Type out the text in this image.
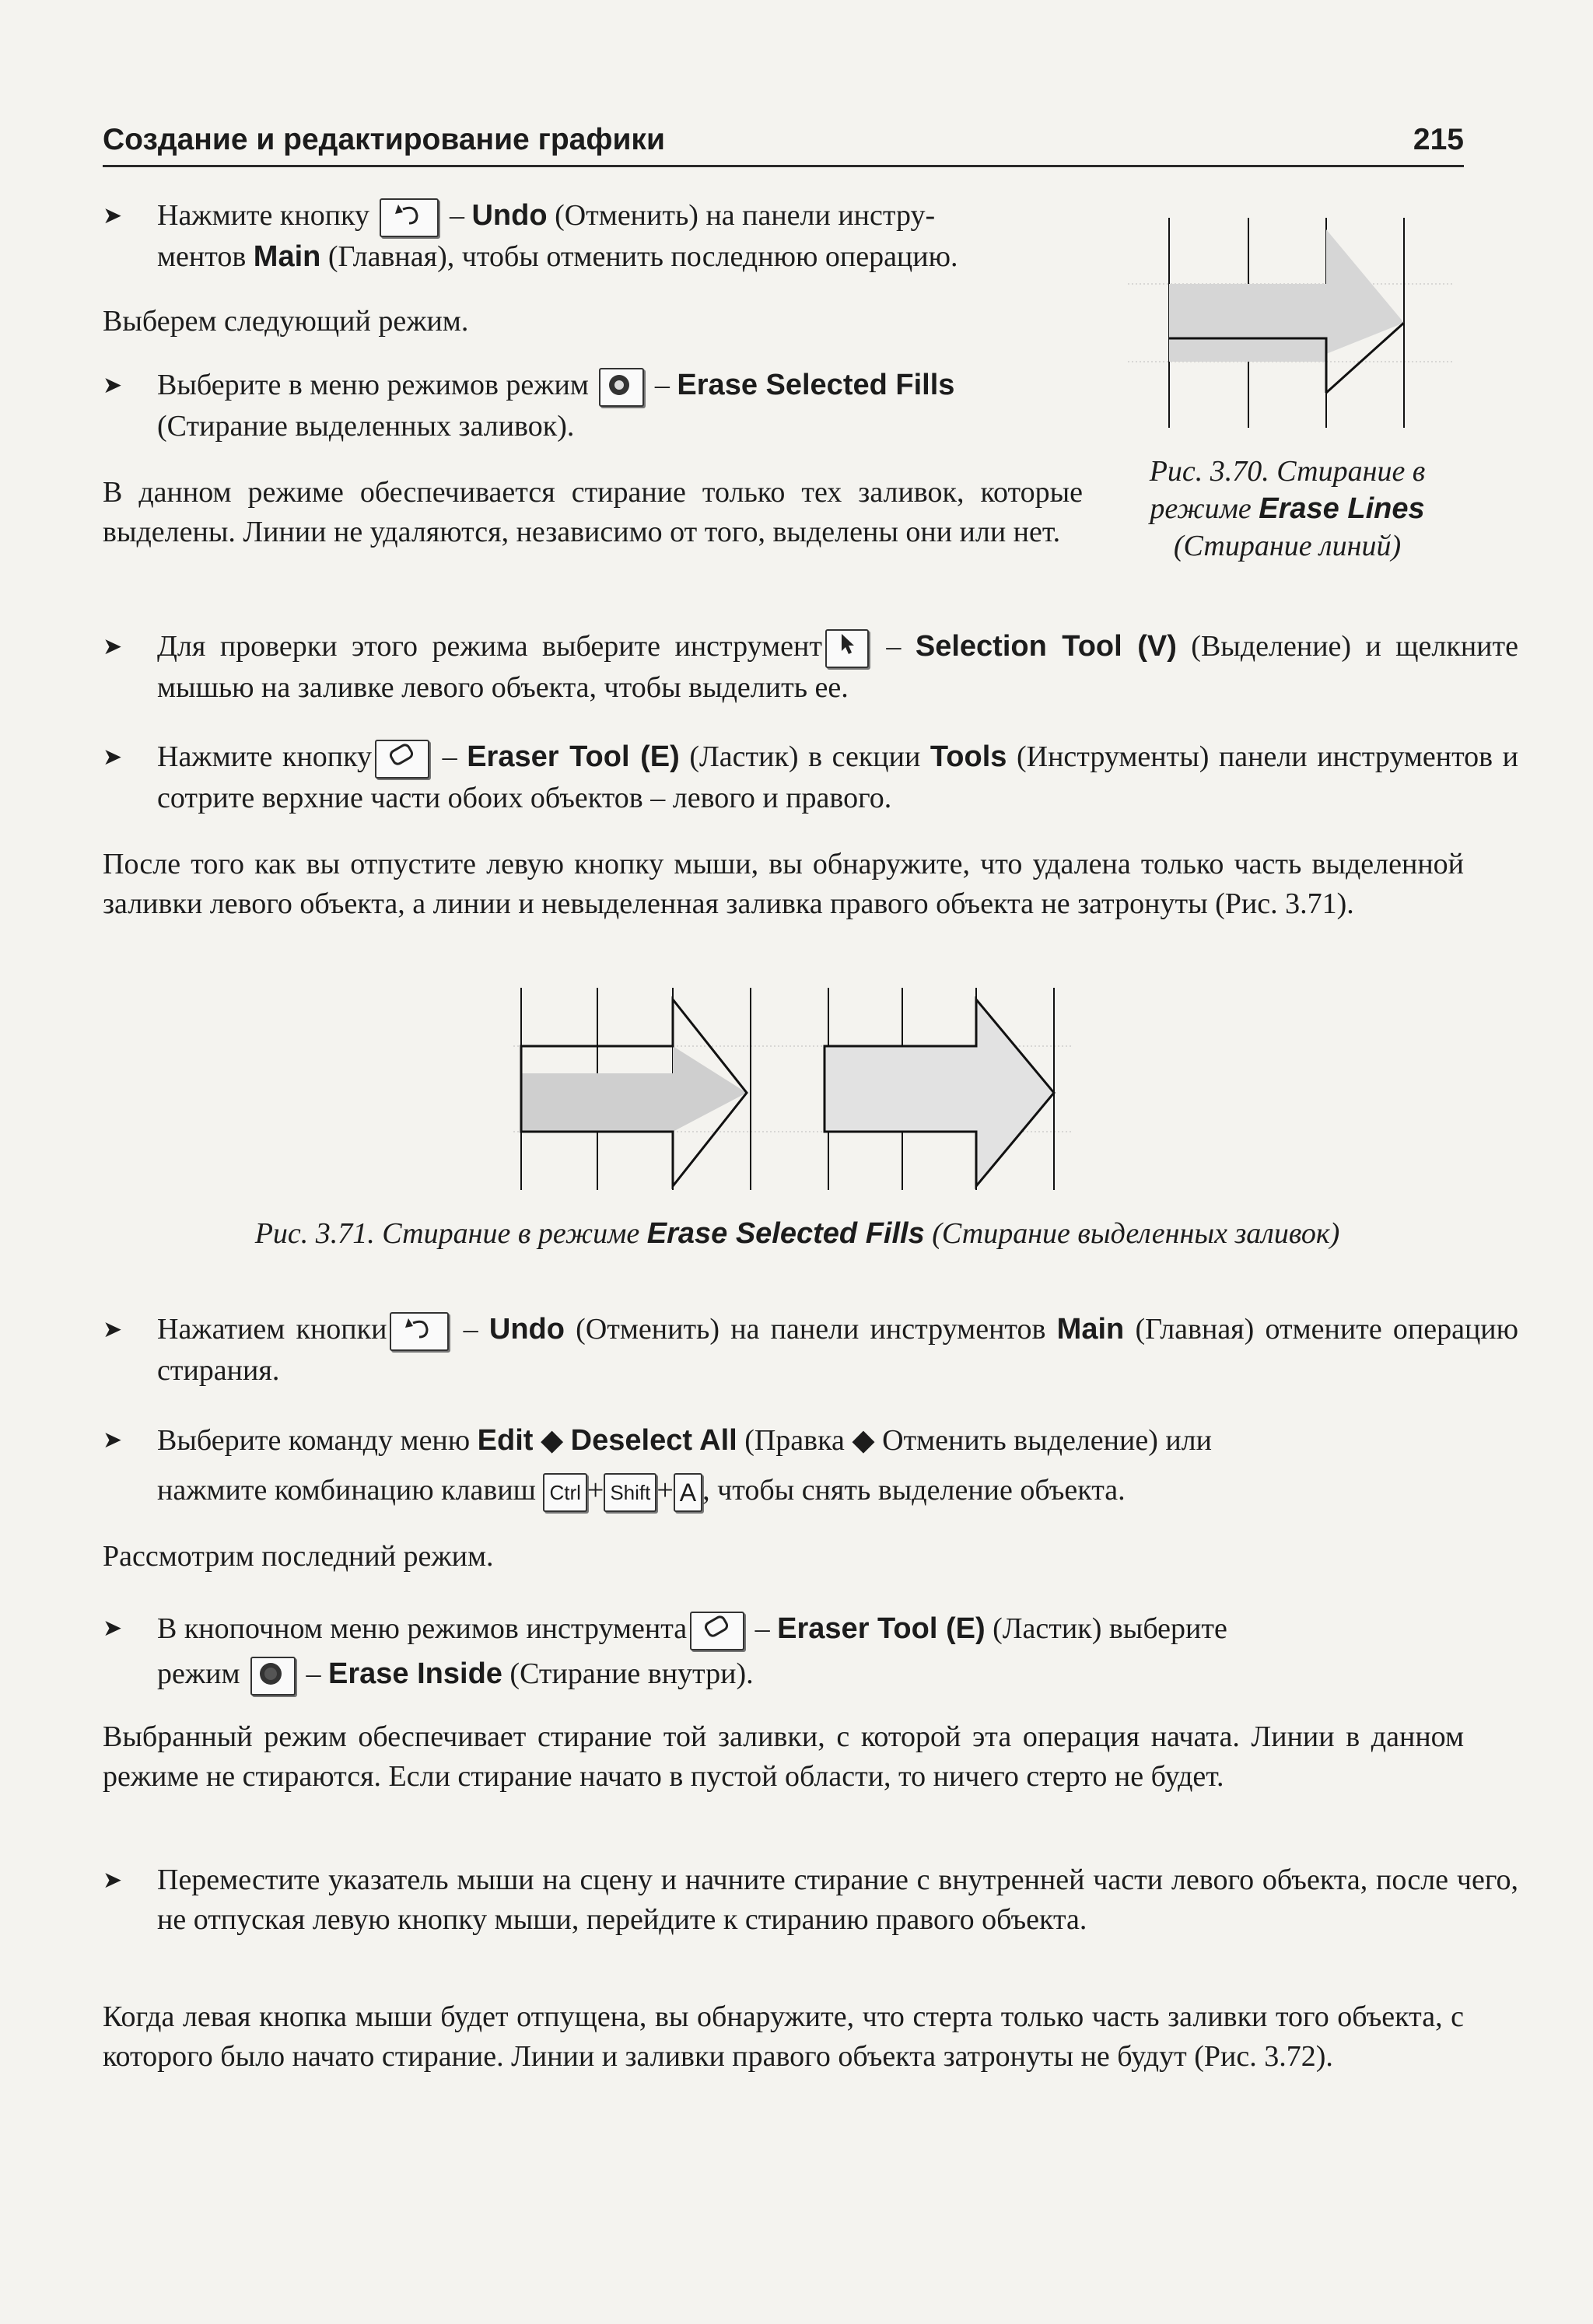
Создание и редактирование графики	215
➤ Нажмите кнопку  – Undo (Отменить) на панели инстру-
ментов Main (Главная), чтобы отменить последнюю операцию.
Выберем следующий режим.
➤ Выберите в меню режимов режим  – Erase Selected Fills
(Стирание выделенных заливок).
В данном режиме обеспечивается стирание только тех заливок, которые выделены. Линии не удаляются, независимо от того, выделены они или нет.
Рис. 3.70. Стирание в
режиме Erase Lines
(Стирание линий)
➤ Для проверки этого режима выберите инструмент – Selection Tool (V) (Выделение) и щелкните мышью на заливке левого объекта, чтобы выделить ее.
➤ Нажмите кнопку – Eraser Tool (E) (Ластик) в секции Tools (Инструменты) панели инструментов и сотрите верхние части обоих объектов – левого и правого.
После того как вы отпустите левую кнопку мыши, вы обнаружите, что удалена только часть выделенной заливки левого объекта, а линии и невыделенная заливка правого объекта не затронуты (Рис. 3.71).
Рис. 3.71. Стирание в режиме Erase Selected Fills (Стирание выделенных заливок)
➤ Нажатием кнопки – Undo (Отменить) на панели инструментов Main (Главная) отмените операцию стирания.
➤ Выберите команду меню Edit ◆ Deselect All (Правка ◆ Отменить выделение) или
нажмите комбинацию клавиш Ctrl + Shift + A , чтобы снять выделение объекта.
Рассмотрим последний режим.
➤ В кнопочном меню режимов инструмента – Eraser Tool (E) (Ластик) выберите
режим  – Erase Inside (Стирание внутри).
Выбранный режим обеспечивает стирание той заливки, с которой эта операция начата. Линии в данном режиме не стираются. Если стирание начато в пустой области, то ничего стерто не будет.
➤ Переместите указатель мыши на сцену и начните стирание с внутренней части левого объекта, после чего, не отпуская левую кнопку мыши, перейдите к стиранию правого объекта.
Когда левая кнопка мыши будет отпущена, вы обнаружите, что стерта только часть заливки того объекта, с которого было начато стирание. Линии и заливки правого объекта затронуты не будут (Рис. 3.72).
